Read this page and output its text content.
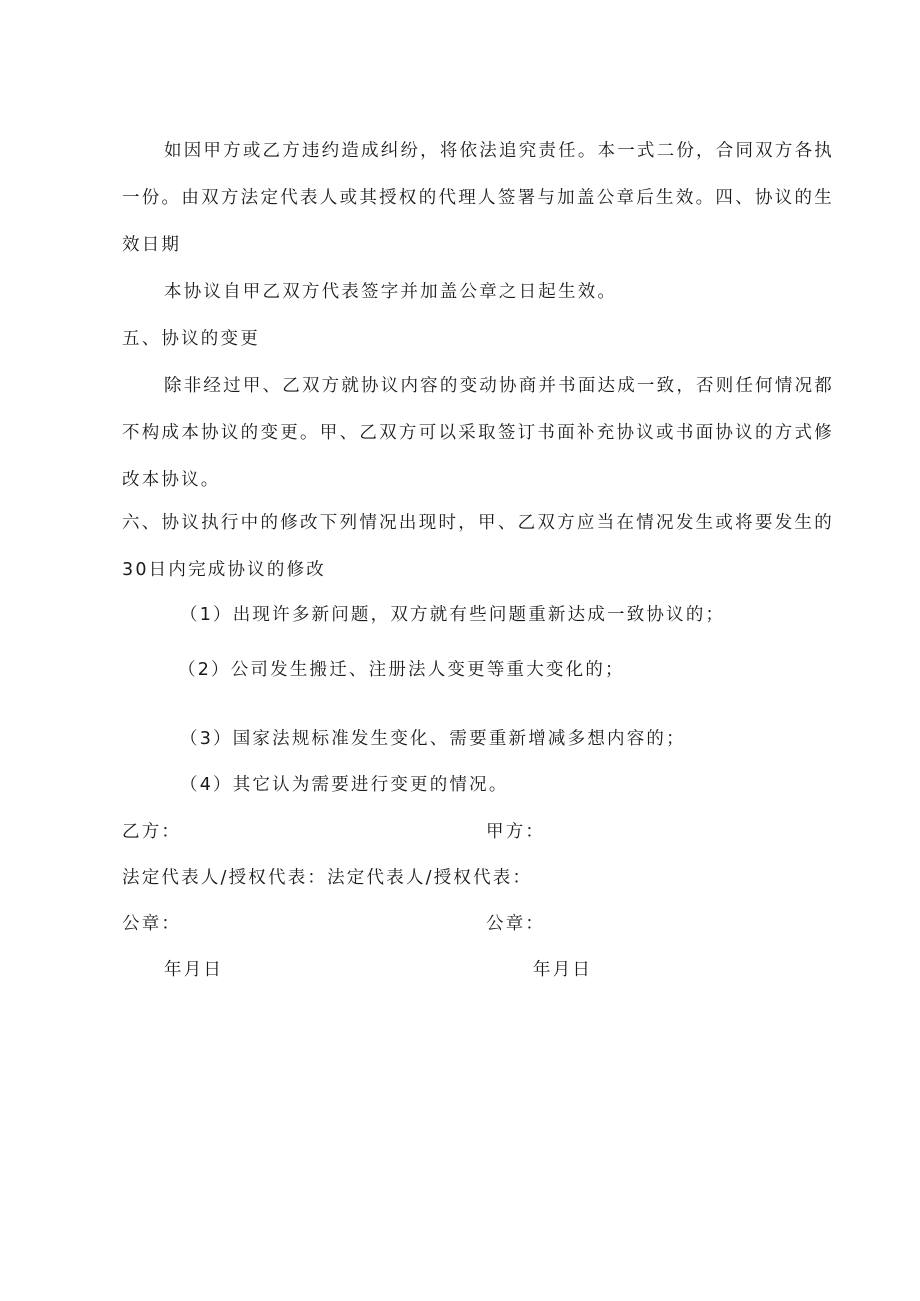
如因甲方或乙方违约造成纠纷，将依法追究责任。本一式二份，合同双方各执一份。由双方法定代表人或其授权的代理人签署与加盖公章后生效。四、协议的生效日期

本协议自甲乙双方代表签字并加盖公章之日起生效。

五、协议的变更

除非经过甲、乙双方就协议内容的变动协商并书面达成一致，否则任何情况都不构成本协议的变更。甲、乙双方可以采取签订书面补充协议或书面协议的方式修改本协议。

六、协议执行中的修改下列情况出现时，甲、乙双方应当在情况发生或将要发生的30日内完成协议的修改

（1）出现许多新问题，双方就有些问题重新达成一致协议的；

（2）公司发生搬迁、注册法人变更等重大变化的；

（3）国家法规标准发生变化、需要重新增减多想内容的；

（4）其它认为需要进行变更的情况。

乙方：	甲方：

法定代表人/授权代表：法定代表人/授权代表：

公章：	公章：

年月日	年月日
